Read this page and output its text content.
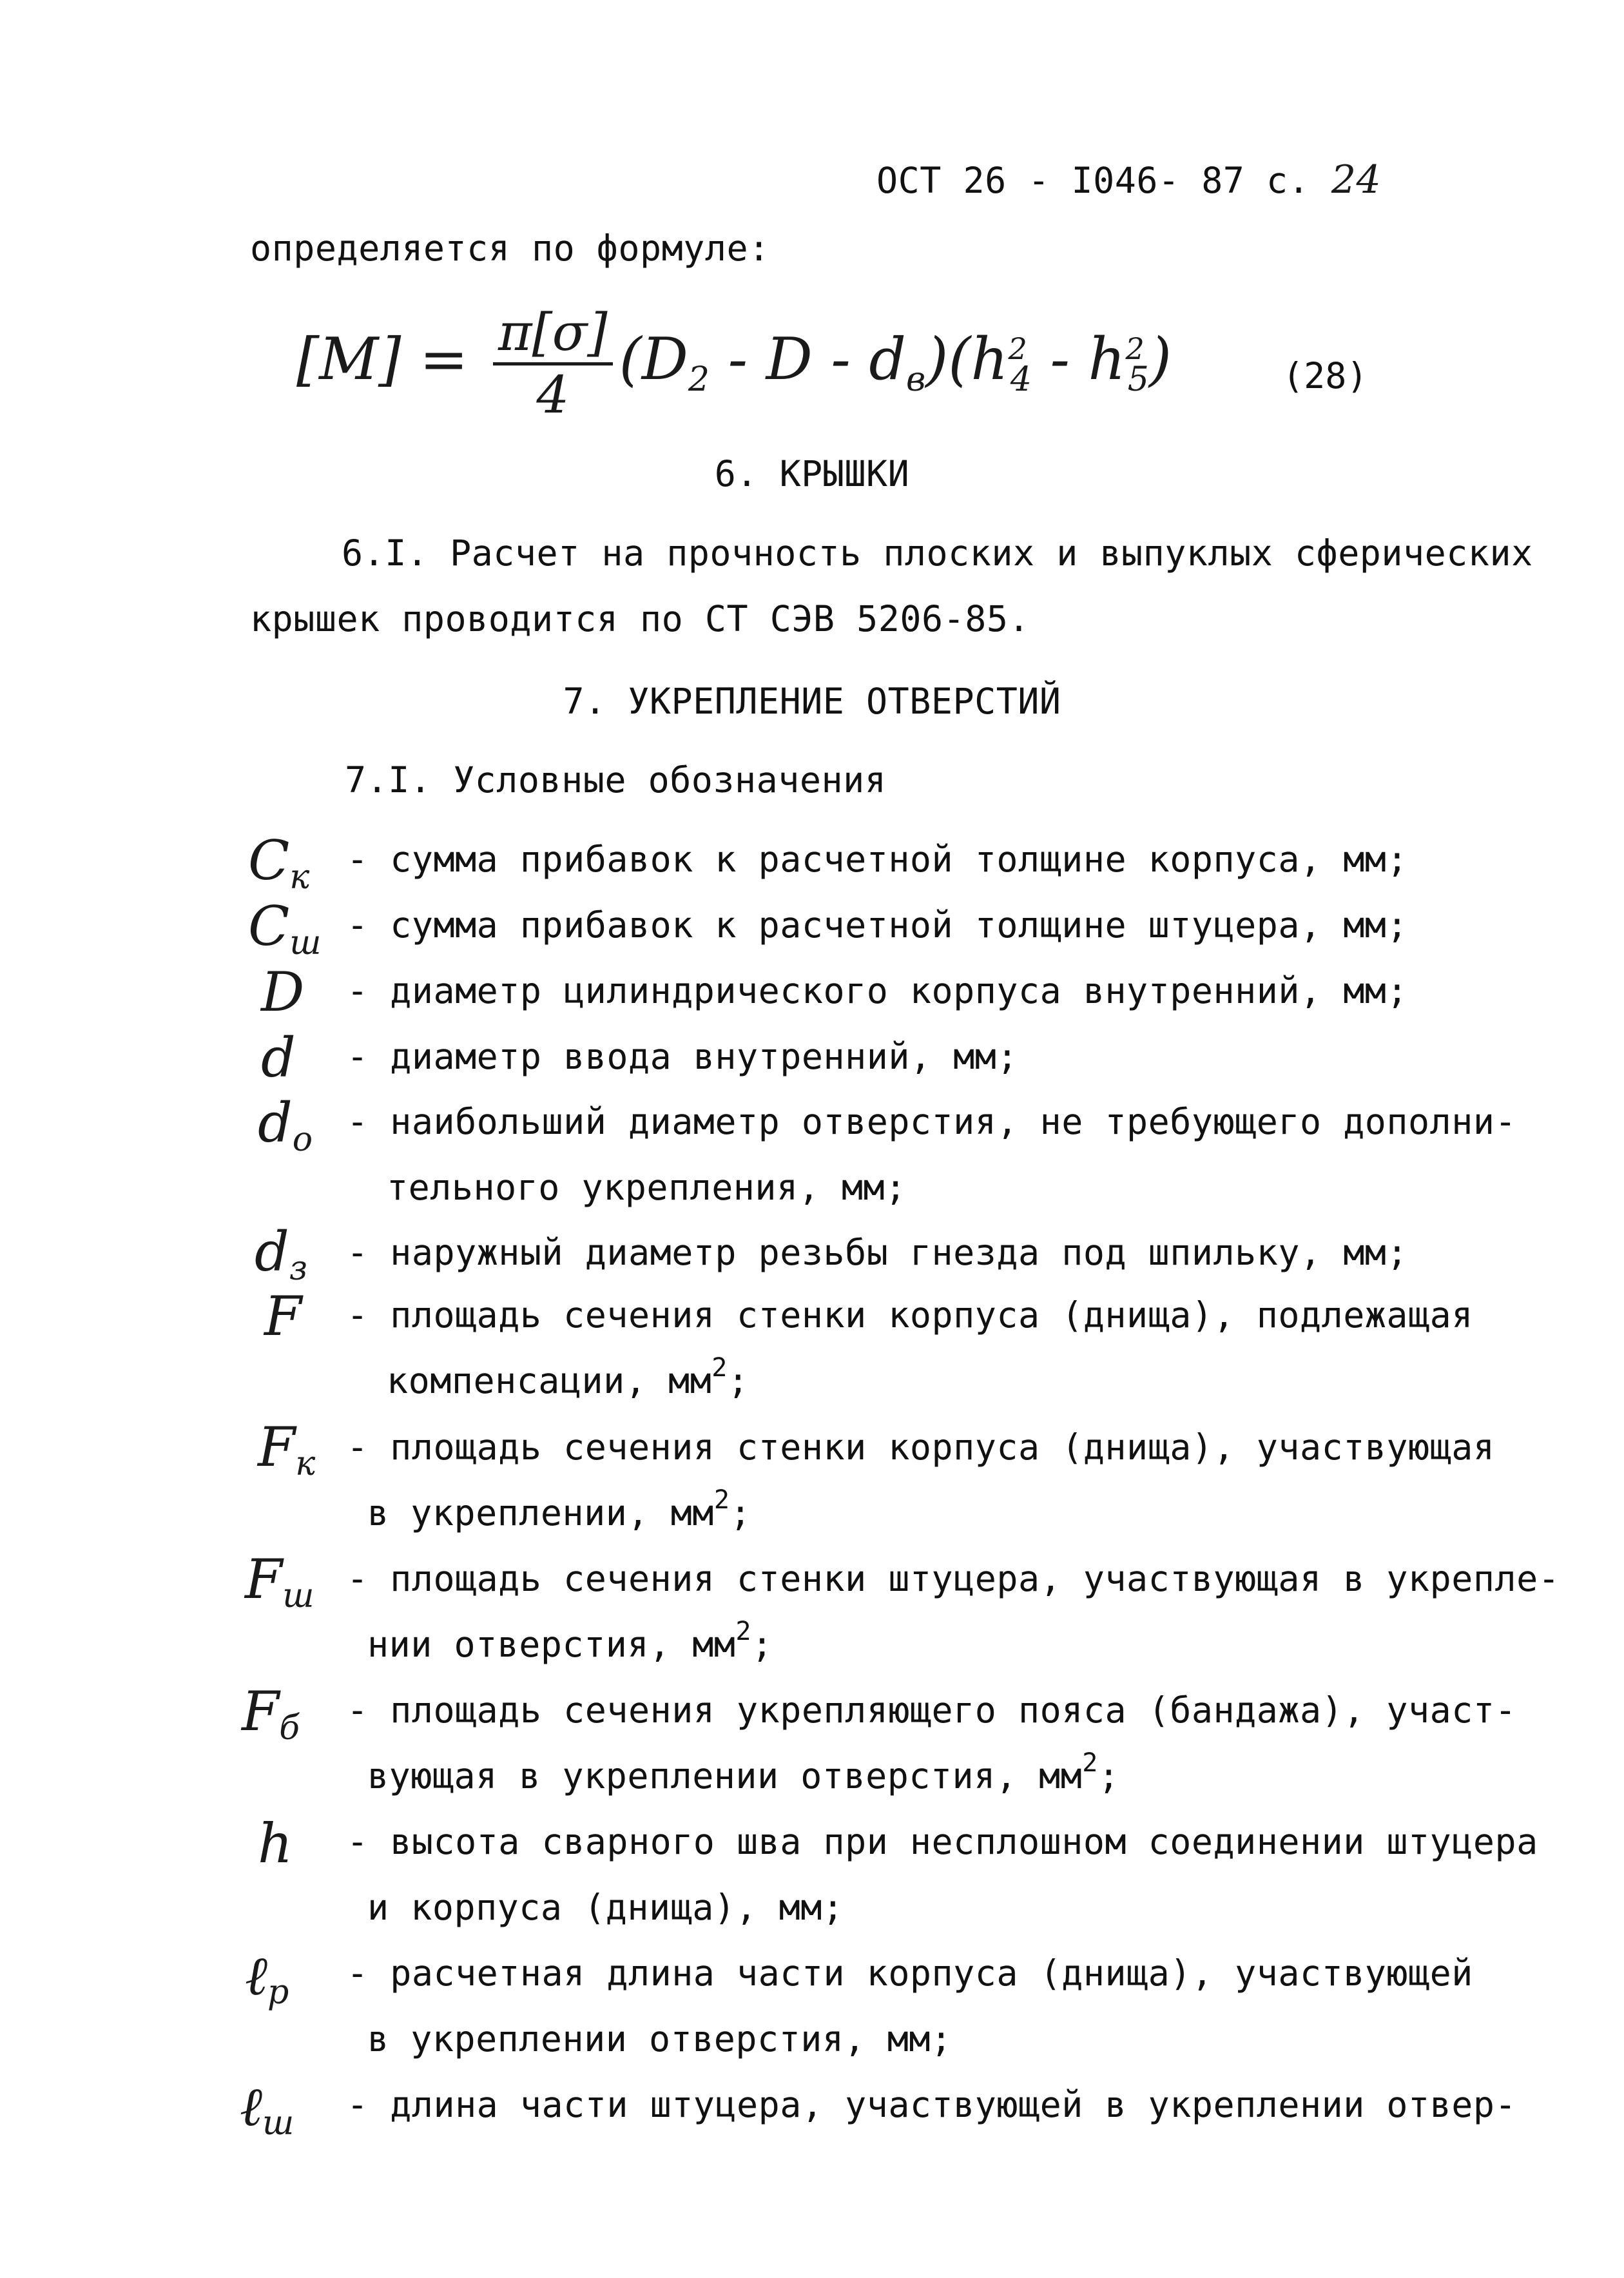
ОСТ 26 - I046- 87 с. 24
определяется по формуле:
$[M] = \frac{\pi[\sigma]}{4} (D_2 - D - d_в)(h^2_4 - h^2_5)$	(28)
6. КРЫШКИ
6.I. Расчет на прочность плоских и выпуклых сферических
крышек проводится по СТ СЭВ 5206-85.
7. УКРЕПЛЕНИЕ ОТВЕРСТИЙ
7.I. Условные обозначения
$C_к$ - сумма прибавок к расчетной толщине корпуса, мм;
$C_ш$ - сумма прибавок к расчетной толщине штуцера, мм;
D - диаметр цилиндрического корпуса внутренний, мм;
d - диаметр ввода внутренний, мм;
$d_о$ - наибольший диаметр отверстия, не требующего дополни-
тельного укрепления, мм;
$d_з$ - наружный диаметр резьбы гнезда под шпильку, мм;
F - площадь сечения стенки корпуса (днища), подлежащая
компенсации, $мм^2$;
$F_к$ - площадь сечения стенки корпуса (днища), участвующая
в укреплении, $мм^2$;
$F_ш$ - площадь сечения стенки штуцера, участвующая в укрепле-
нии отверстия, $мм^2$;
$F_б$ - площадь сечения укрепляющего пояса (бандажа), участ-
вующая в укреплении отверстия, $мм^2$;
h - высота сварного шва при несплошном соединении штуцера
и корпуса (днища), мм;
ℓ$_р$ - расчетная длина части корпуса (днища), участвующей
в укреплении отверстия, мм;
ℓ$_ш$ - длина части штуцера, участвующей в укреплении отвер-
